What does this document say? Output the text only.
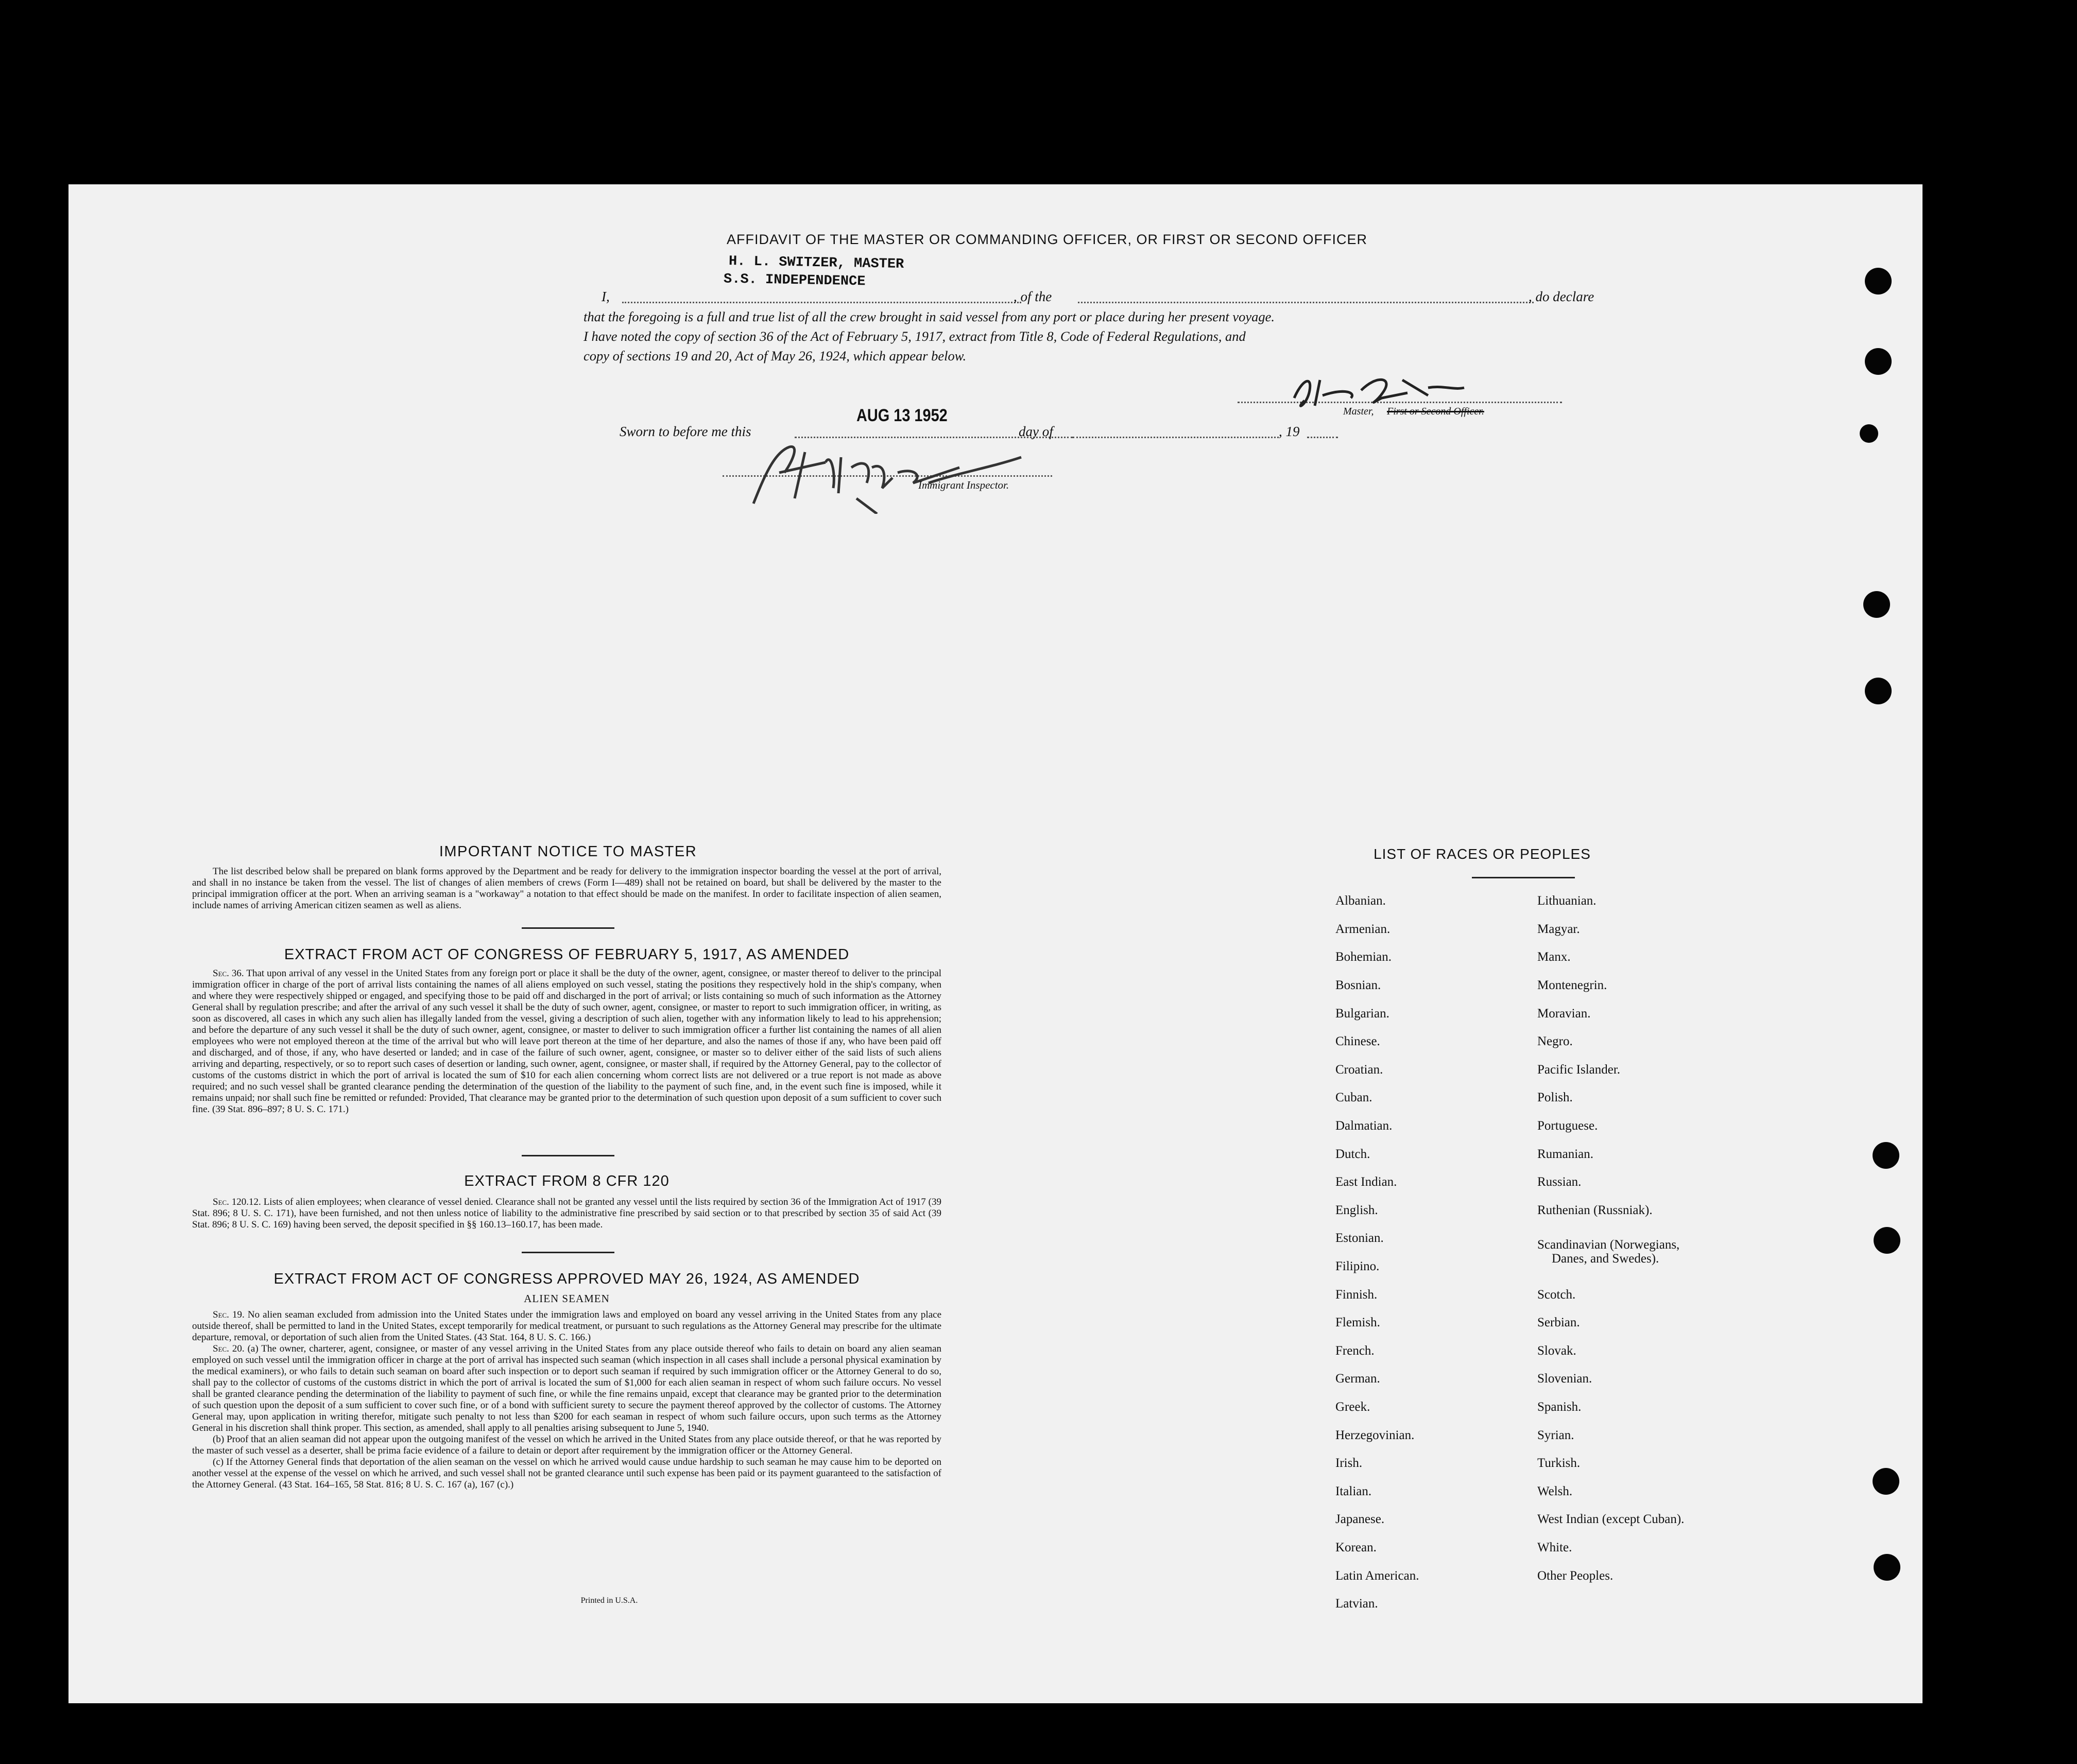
AFFIDAVIT OF THE MASTER OR COMMANDING OFFICER, OR FIRST OR SECOND OFFICER
H. L. SWITZER, MASTER
S.S. INDEPENDENCE
I,	, of the	, do declare
that the foregoing is a full and true list of all the crew brought in said vessel from any port or place during her present voyage.
I have noted the copy of section 36 of the Act of February 5, 1917, extract from Title 8, Code of Federal Regulations, and
copy of sections 19 and 20, Act of May 26, 1924, which appear below.
Master, First or Second Officer.
Sworn to before me this
AUG 13 1952
day of	, 19
Immigrant Inspector.
IMPORTANT NOTICE TO MASTER
The list described below shall be prepared on blank forms approved by the Department and be ready for delivery to the immigration inspector boarding the vessel at the port of arrival, and shall in no instance be taken from the vessel. The list of changes of alien members of crews (Form I—489) shall not be retained on board, but shall be delivered by the master to the principal immigration officer at the port. When an arriving seaman is a "workaway" a notation to that effect should be made on the manifest. In order to facilitate inspection of alien seamen, include names of arriving American citizen seamen as well as aliens.
EXTRACT FROM ACT OF CONGRESS OF FEBRUARY 5, 1917, AS AMENDED
Sec. 36. That upon arrival of any vessel in the United States from any foreign port or place it shall be the duty of the owner, agent, consignee, or master thereof to deliver to the principal immigration officer in charge of the port of arrival lists containing the names of all aliens employed on such vessel, stating the positions they respectively hold in the ship's company, when and where they were respectively shipped or engaged, and specifying those to be paid off and discharged in the port of arrival; or lists containing so much of such information as the Attorney General shall by regulation prescribe; and after the arrival of any such vessel it shall be the duty of such owner, agent, consignee, or master to report to such immigration officer, in writing, as soon as discovered, all cases in which any such alien has illegally landed from the vessel, giving a description of such alien, together with any information likely to lead to his apprehension; and before the departure of any such vessel it shall be the duty of such owner, agent, consignee, or master to deliver to such immigration officer a further list containing the names of all alien employees who were not employed thereon at the time of the arrival but who will leave port thereon at the time of her departure, and also the names of those if any, who have been paid off and discharged, and of those, if any, who have deserted or landed; and in case of the failure of such owner, agent, consignee, or master so to deliver either of the said lists of such aliens arriving and departing, respectively, or so to report such cases of desertion or landing, such owner, agent, consignee, or master shall, if required by the Attorney General, pay to the collector of customs of the customs district in which the port of arrival is located the sum of $10 for each alien concerning whom correct lists are not delivered or a true report is not made as above required; and no such vessel shall be granted clearance pending the determination of the question of the liability to the payment of such fine, and, in the event such fine is imposed, while it remains unpaid; nor shall such fine be remitted or refunded: Provided, That clearance may be granted prior to the determination of such question upon deposit of a sum sufficient to cover such fine. (39 Stat. 896–897; 8 U. S. C. 171.)
EXTRACT FROM 8 CFR 120
Sec. 120.12. Lists of alien employees; when clearance of vessel denied. Clearance shall not be granted any vessel until the lists required by section 36 of the Immigration Act of 1917 (39 Stat. 896; 8 U. S. C. 171), have been furnished, and not then unless notice of liability to the administrative fine prescribed by said section or to that prescribed by section 35 of said Act (39 Stat. 896; 8 U. S. C. 169) having been served, the deposit specified in §§ 160.13–160.17, has been made.
EXTRACT FROM ACT OF CONGRESS APPROVED MAY 26, 1924, AS AMENDED
ALIEN SEAMEN
Sec. 19. No alien seaman excluded from admission into the United States under the immigration laws and employed on board any vessel arriving in the United States from any place outside thereof, shall be permitted to land in the United States, except temporarily for medical treatment, or pursuant to such regulations as the Attorney General may prescribe for the ultimate departure, removal, or deportation of such alien from the United States. (43 Stat. 164, 8 U. S. C. 166.)
Sec. 20. (a) The owner, charterer, agent, consignee, or master of any vessel arriving in the United States from any place outside thereof who fails to detain on board any alien seaman employed on such vessel until the immigration officer in charge at the port of arrival has inspected such seaman (which inspection in all cases shall include a personal physical examination by the medical examiners), or who fails to detain such seaman on board after such inspection or to deport such seaman if required by such immigration officer or the Attorney General to do so, shall pay to the collector of customs of the customs district in which the port of arrival is located the sum of $1,000 for each alien seaman in respect of whom such failure occurs. No vessel shall be granted clearance pending the determination of the liability to payment of such fine, or while the fine remains unpaid, except that clearance may be granted prior to the determination of such question upon the deposit of a sum sufficient to cover such fine, or of a bond with sufficient surety to secure the payment thereof approved by the collector of customs. The Attorney General may, upon application in writing therefor, mitigate such penalty to not less than $200 for each seaman in respect of whom such failure occurs, upon such terms as the Attorney General in his discretion shall think proper. This section, as amended, shall apply to all penalties arising subsequent to June 5, 1940.
(b) Proof that an alien seaman did not appear upon the outgoing manifest of the vessel on which he arrived in the United States from any place outside thereof, or that he was reported by the master of such vessel as a deserter, shall be prima facie evidence of a failure to detain or deport after requirement by the immigration officer or the Attorney General.
(c) If the Attorney General finds that deportation of the alien seaman on the vessel on which he arrived would cause undue hardship to such seaman he may cause him to be deported on another vessel at the expense of the vessel on which he arrived, and such vessel shall not be granted clearance until such expense has been paid or its payment guaranteed to the satisfaction of the Attorney General. (43 Stat. 164–165, 58 Stat. 816; 8 U. S. C. 167 (a), 167 (c).)
Printed in U.S.A.
LIST OF RACES OR PEOPLES
Albanian.
Armenian.
Bohemian.
Bosnian.
Bulgarian.
Chinese.
Croatian.
Cuban.
Dalmatian.
Dutch.
East Indian.
English.
Estonian.
Filipino.
Finnish.
Flemish.
French.
German.
Greek.
Herzegovinian.
Irish.
Italian.
Japanese.
Korean.
Latin American.
Latvian.
Lithuanian.
Magyar.
Manx.
Montenegrin.
Moravian.
Negro.
Pacific Islander.
Polish.
Portuguese.
Rumanian.
Russian.
Ruthenian (Russniak).
Scandinavian (Norwegians,
Danes, and Swedes).
Scotch.
Serbian.
Slovak.
Slovenian.
Spanish.
Syrian.
Turkish.
Welsh.
West Indian (except Cuban).
White.
Other Peoples.
